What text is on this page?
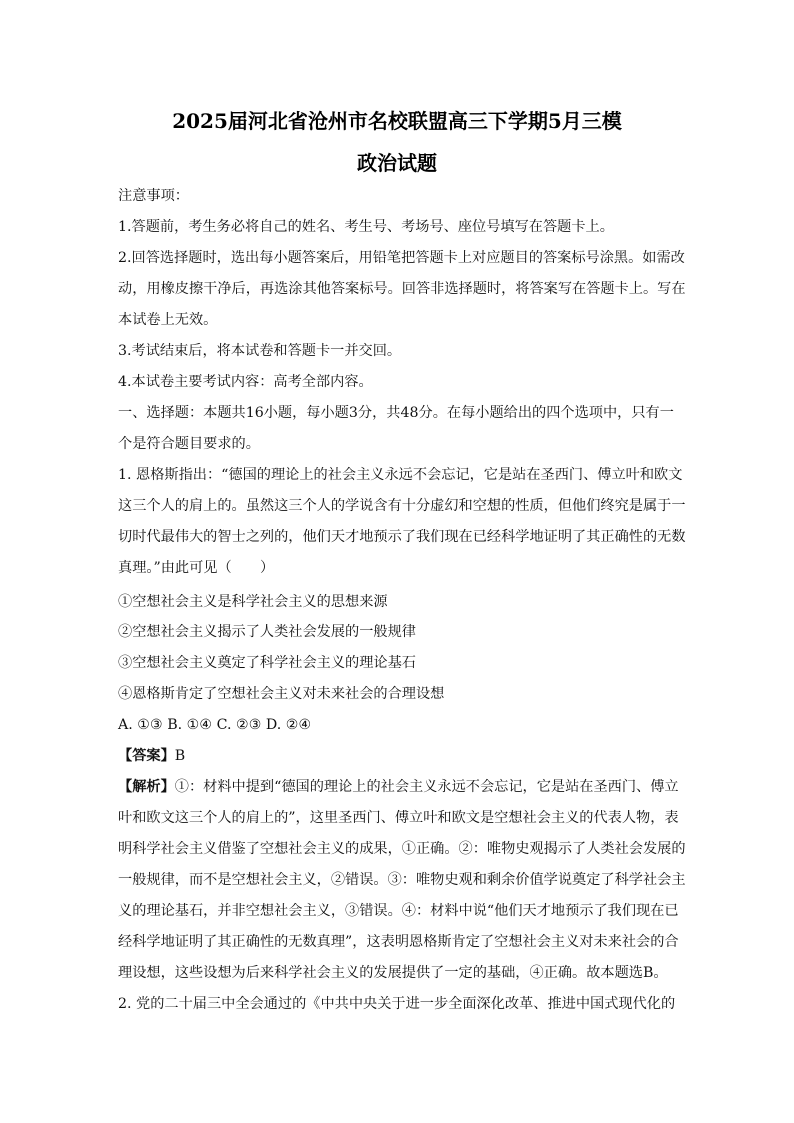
2025届河北省沧州市名校联盟高三下学期5月三模
政治试题
注意事项：
1.答题前，考生务必将自己的姓名、考生号、考场号、座位号填写在答题卡上。
2.回答选择题时，选出每小题答案后，用铅笔把答题卡上对应题目的答案标号涂黑。如需改
动，用橡皮擦干净后，再选涂其他答案标号。回答非选择题时，将答案写在答题卡上。写在
本试卷上无效。
3.考试结束后，将本试卷和答题卡一并交回。
4.本试卷主要考试内容：高考全部内容。
一、选择题：本题共16小题，每小题3分，共48分。在每小题给出的四个选项中，只有一
个是符合题目要求的。
1. 恩格斯指出：“德国的理论上的社会主义永远不会忘记，它是站在圣西门、傅立叶和欧文
这三个人的肩上的。虽然这三个人的学说含有十分虚幻和空想的性质，但他们终究是属于一
切时代最伟大的智士之列的，他们天才地预示了我们现在已经科学地证明了其正确性的无数
真理。”由此可见（　　）
①空想社会主义是科学社会主义的思想来源
②空想社会主义揭示了人类社会发展的一般规律
③空想社会主义奠定了科学社会主义的理论基石
④恩格斯肯定了空想社会主义对未来社会的合理设想
A. ①③ B. ①④ C. ②③ D. ②④
【答案】B
【解析】①：材料中提到“德国的理论上的社会主义永远不会忘记，它是站在圣西门、傅立
叶和欧文这三个人的肩上的”，这里圣西门、傅立叶和欧文是空想社会主义的代表人物，表
明科学社会主义借鉴了空想社会主义的成果，①正确。②：唯物史观揭示了人类社会发展的
一般规律，而不是空想社会主义，②错误。③：唯物史观和剩余价值学说奠定了科学社会主
义的理论基石，并非空想社会主义，③错误。④：材料中说“他们天才地预示了我们现在已
经科学地证明了其正确性的无数真理”，这表明恩格斯肯定了空想社会主义对未来社会的合
理设想，这些设想为后来科学社会主义的发展提供了一定的基础，④正确。故本题选B。
2. 党的二十届三中全会通过的《中共中央关于进一步全面深化改革、推进中国式现代化的
